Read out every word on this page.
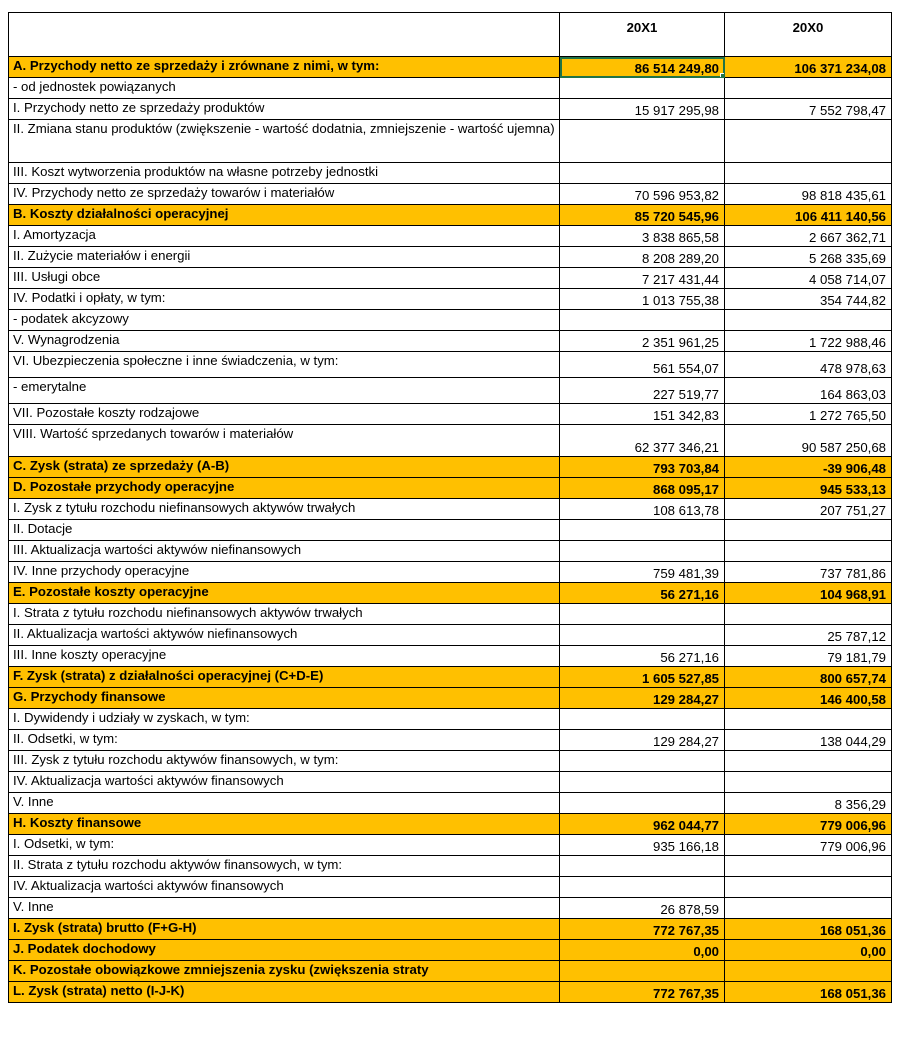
	20X1	20X0
A. Przychody netto ze sprzedaży i zrównane z nimi, w tym:	86 514 249,80	106 371 234,08
- od jednostek powiązanych		
I. Przychody netto ze sprzedaży produktów	15 917 295,98	7 552 798,47
II. Zmiana stanu produktów (zwiększenie - wartość dodatnia, zmniejszenie - wartość ujemna)		
III. Koszt wytworzenia produktów na własne potrzeby jednostki		
IV. Przychody netto ze sprzedaży towarów i materiałów	70 596 953,82	98 818 435,61
B. Koszty działalności operacyjnej	85 720 545,96	106 411 140,56
I. Amortyzacja	3 838 865,58	2 667 362,71
II. Zużycie materiałów i energii	8 208 289,20	5 268 335,69
III. Usługi obce	7 217 431,44	4 058 714,07
IV. Podatki i opłaty, w tym:	1 013 755,38	354 744,82
- podatek akcyzowy		
V. Wynagrodzenia	2 351 961,25	1 722 988,46
VI. Ubezpieczenia społeczne i inne świadczenia, w tym:	561 554,07	478 978,63
- emerytalne	227 519,77	164 863,03
VII. Pozostałe koszty rodzajowe	151 342,83	1 272 765,50
VIII. Wartość sprzedanych towarów i materiałów	62 377 346,21	90 587 250,68
C. Zysk (strata) ze sprzedaży (A-B)	793 703,84	-39 906,48
D. Pozostałe przychody operacyjne	868 095,17	945 533,13
I. Zysk z tytułu rozchodu niefinansowych aktywów trwałych	108 613,78	207 751,27
II. Dotacje		
III. Aktualizacja wartości aktywów niefinansowych		
IV. Inne przychody operacyjne	759 481,39	737 781,86
E. Pozostałe koszty operacyjne	56 271,16	104 968,91
I. Strata z tytułu rozchodu niefinansowych aktywów trwałych		
II. Aktualizacja wartości aktywów niefinansowych		25 787,12
III. Inne koszty operacyjne	56 271,16	79 181,79
F. Zysk (strata) z działalności operacyjnej (C+D-E)	1 605 527,85	800 657,74
G. Przychody finansowe	129 284,27	146 400,58
I. Dywidendy i udziały w zyskach, w tym:		
II. Odsetki, w tym:	129 284,27	138 044,29
III. Zysk z tytułu rozchodu aktywów finansowych, w tym:		
IV. Aktualizacja wartości aktywów finansowych		
V. Inne		8 356,29
H. Koszty finansowe	962 044,77	779 006,96
I. Odsetki, w tym:	935 166,18	779 006,96
II. Strata z tytułu rozchodu aktywów finansowych, w tym:		
IV. Aktualizacja wartości aktywów finansowych		
V. Inne	26 878,59	
I. Zysk (strata) brutto (F+G-H)	772 767,35	168 051,36
J. Podatek dochodowy	0,00	0,00
K. Pozostałe obowiązkowe zmniejszenia zysku (zwiększenia straty		
L. Zysk (strata) netto (I-J-K)	772 767,35	168 051,36
